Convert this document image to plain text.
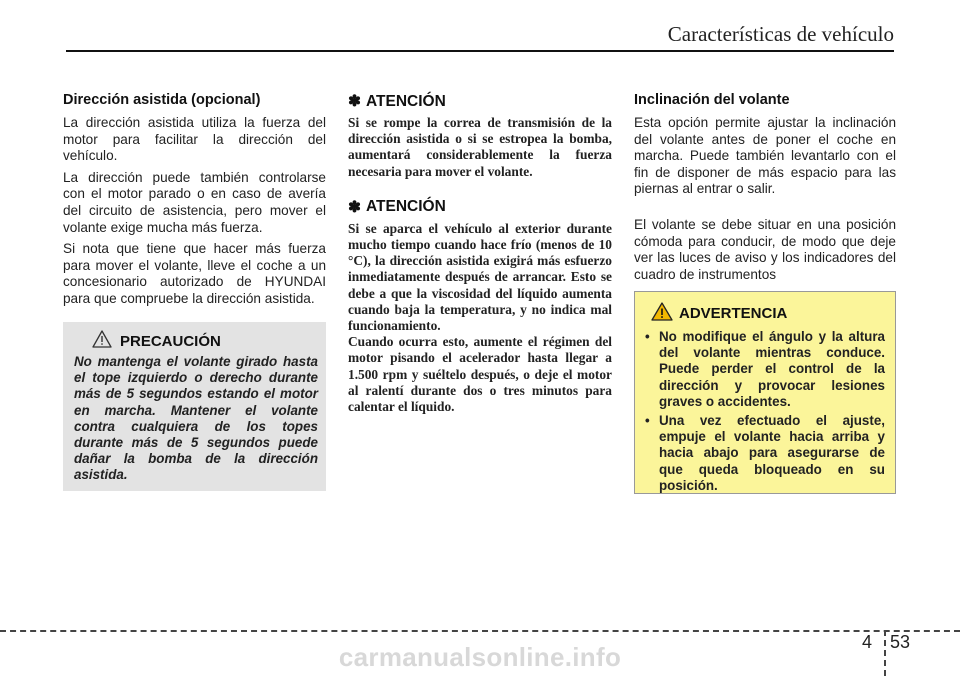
Características de vehículo
Dirección asistida (opcional)

La dirección asistida utiliza la fuerza del motor para facilitar la dirección del vehículo.

La dirección puede también controlarse con el motor parado o en caso de avería del circuito de asistencia, pero mover el volante exige mucha más fuerza.

Si nota que tiene que hacer más fuerza para mover el volante, lleve el coche a un concesionario autorizado de HYUNDAI para que compruebe la dirección asistida.

PRECAUCIÓN

No mantenga el volante girado hasta el tope izquierdo o derecho durante más de 5 segundos estando el motor en marcha. Mantener el volante contra cualquiera de los topes durante más de 5 segundos puede dañar la bomba de la dirección asistida.

✽ ATENCIÓN

Si se rompe la correa de transmisión de la dirección asistida o si se estropea la bomba, aumentará considerablemente la fuerza necesaria para mover el volante.

✽ ATENCIÓN

Si se aparca el vehículo al exterior durante mucho tiempo cuando hace frío (menos de 10 °C), la dirección asistida exigirá más esfuerzo inmediatamente después de arrancar. Esto se debe a que la viscosidad del líquido aumenta cuando baja la temperatura, y no indica mal funcionamiento.

Cuando ocurra esto, aumente el régimen del motor pisando el acelerador hasta llegar a 1.500 rpm y suéltelo después, o deje el motor al ralentí durante dos o tres minutos para calentar el líquido.

Inclinación del volante

Esta opción permite ajustar la inclinación del volante antes de poner el coche en marcha. Puede también levantarlo con el fin de disponer de más espacio para las piernas al entrar o salir.

El volante se debe situar en una posición cómoda para conducir, de modo que deje ver las luces de aviso y los indicadores del cuadro de instrumentos

ADVERTENCIA
• No modifique el ángulo y la altura del volante mientras conduce. Puede perder el control de la dirección y provocar lesiones graves o accidentes.
• Una vez efectuado el ajuste, empuje el volante hacia arriba y hacia abajo para asegurarse de que queda bloqueado en su posición.
4 53
carmanualsonline.info
